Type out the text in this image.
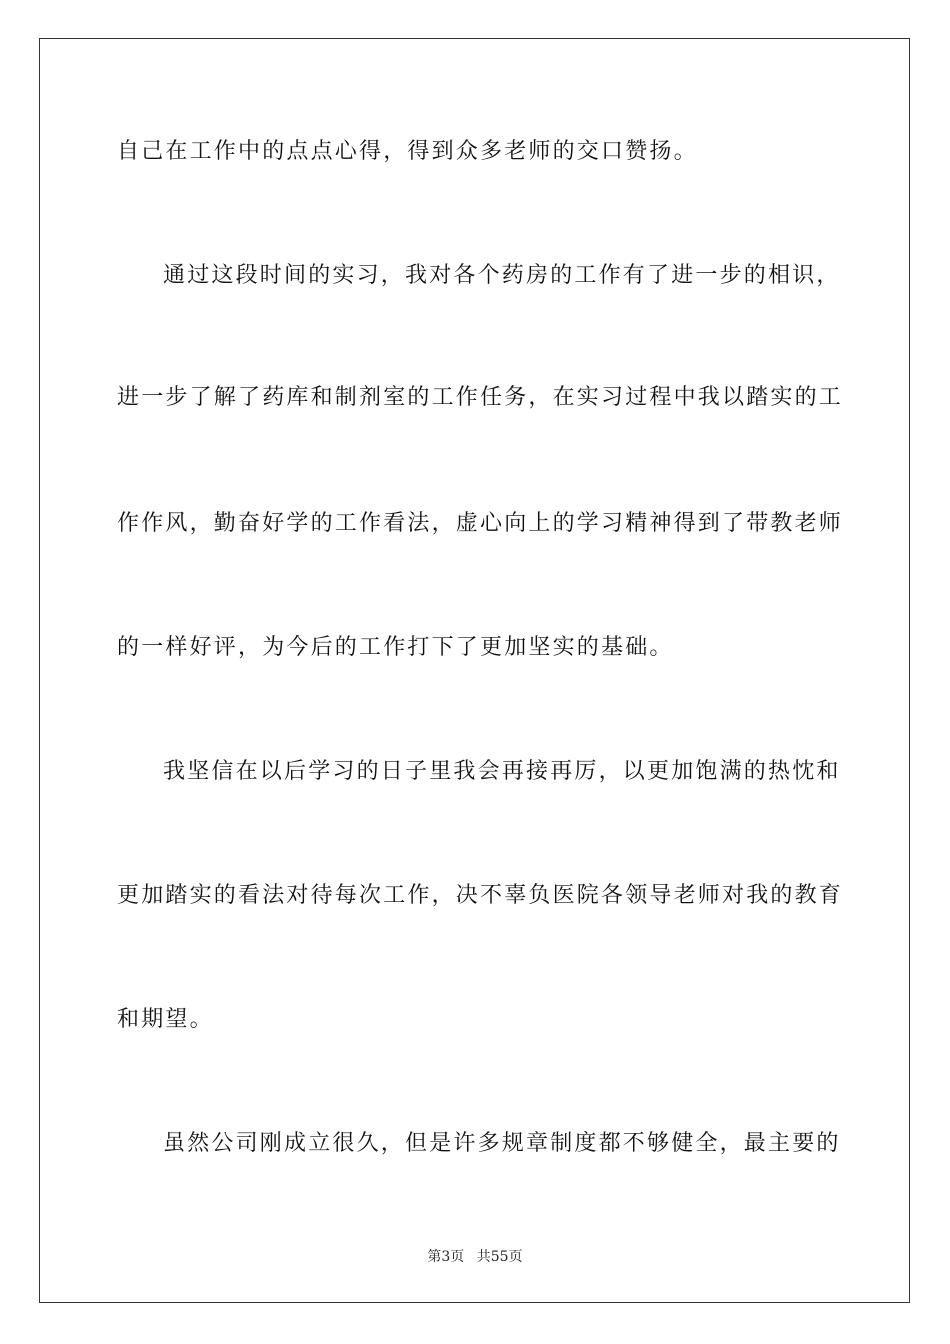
自己在工作中的点点心得，得到众多老师的交口赞扬。
通过这段时间的实习，我对各个药房的工作有了进一步的相识，
进一步了解了药库和制剂室的工作任务，在实习过程中我以踏实的工
作作风，勤奋好学的工作看法，虚心向上的学习精神得到了带教老师
的一样好评，为今后的工作打下了更加坚实的基础。
我坚信在以后学习的日子里我会再接再厉，以更加饱满的热忱和
更加踏实的看法对待每次工作，决不辜负医院各领导老师对我的教育
和期望。
虽然公司刚成立很久，但是许多规章制度都不够健全，最主要的
第3页 共55页
